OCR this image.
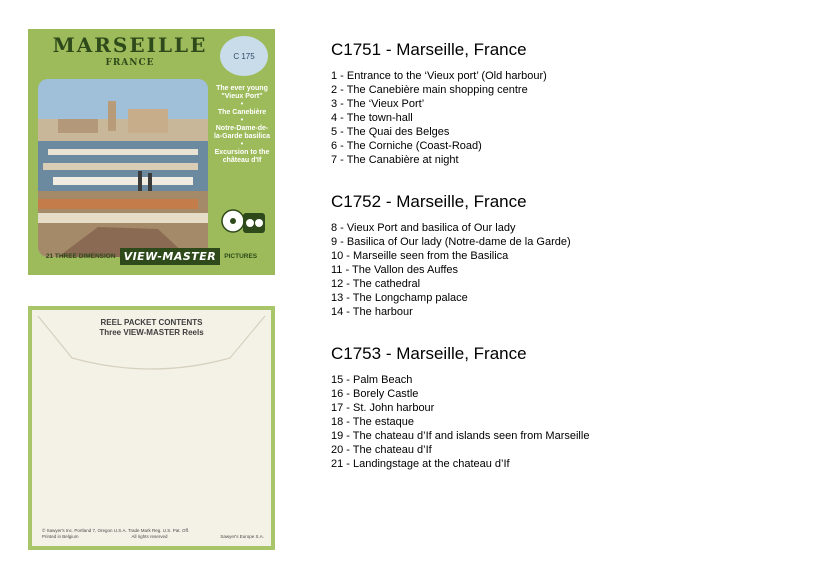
MARSEILLE
FRANCE
C 175
The ever young "Vieux Port"
•
The Canebière
•
Notre-Dame-de-la-Garde basilica
•
Excursion to the château d'If
21 THREE DIMENSION VIEW-MASTER	PICTURES
REEL PACKET CONTENTS
Three VIEW-MASTER Reels
© Sawyer's Inc. Portland 7, Oregon U.S.A. Trade Mark Reg. U.S. Pat. Off.
Printed in Belgium	All rights reserved	Sawyer's Europe S.A.
C1751 - Marseille, France
1 - Entrance to the ‘Vieux port’ (Old harbour)
2 - The Canebière main shopping centre
3 - The ‘Vieux Port’
4 - The town-hall
5 - The Quai des Belges
6 - The Corniche (Coast-Road)
7 - The Canabière at night
C1752 - Marseille, France
8 - Vieux Port and basilica of Our lady
9 - Basilica of Our lady (Notre-dame de la Garde)
10 - Marseille seen from the Basilica
11 - The Vallon des Auffes
12 - The cathedral
13 - The Longchamp palace
14 - The harbour
C1753 - Marseille, France
15 - Palm Beach
16 - Borely Castle
17 - St. John harbour
18 - The estaque
19 - The chateau d’If and islands seen from Marseille
20 - The chateau d’If
21 - Landingstage at the chateau d’If
